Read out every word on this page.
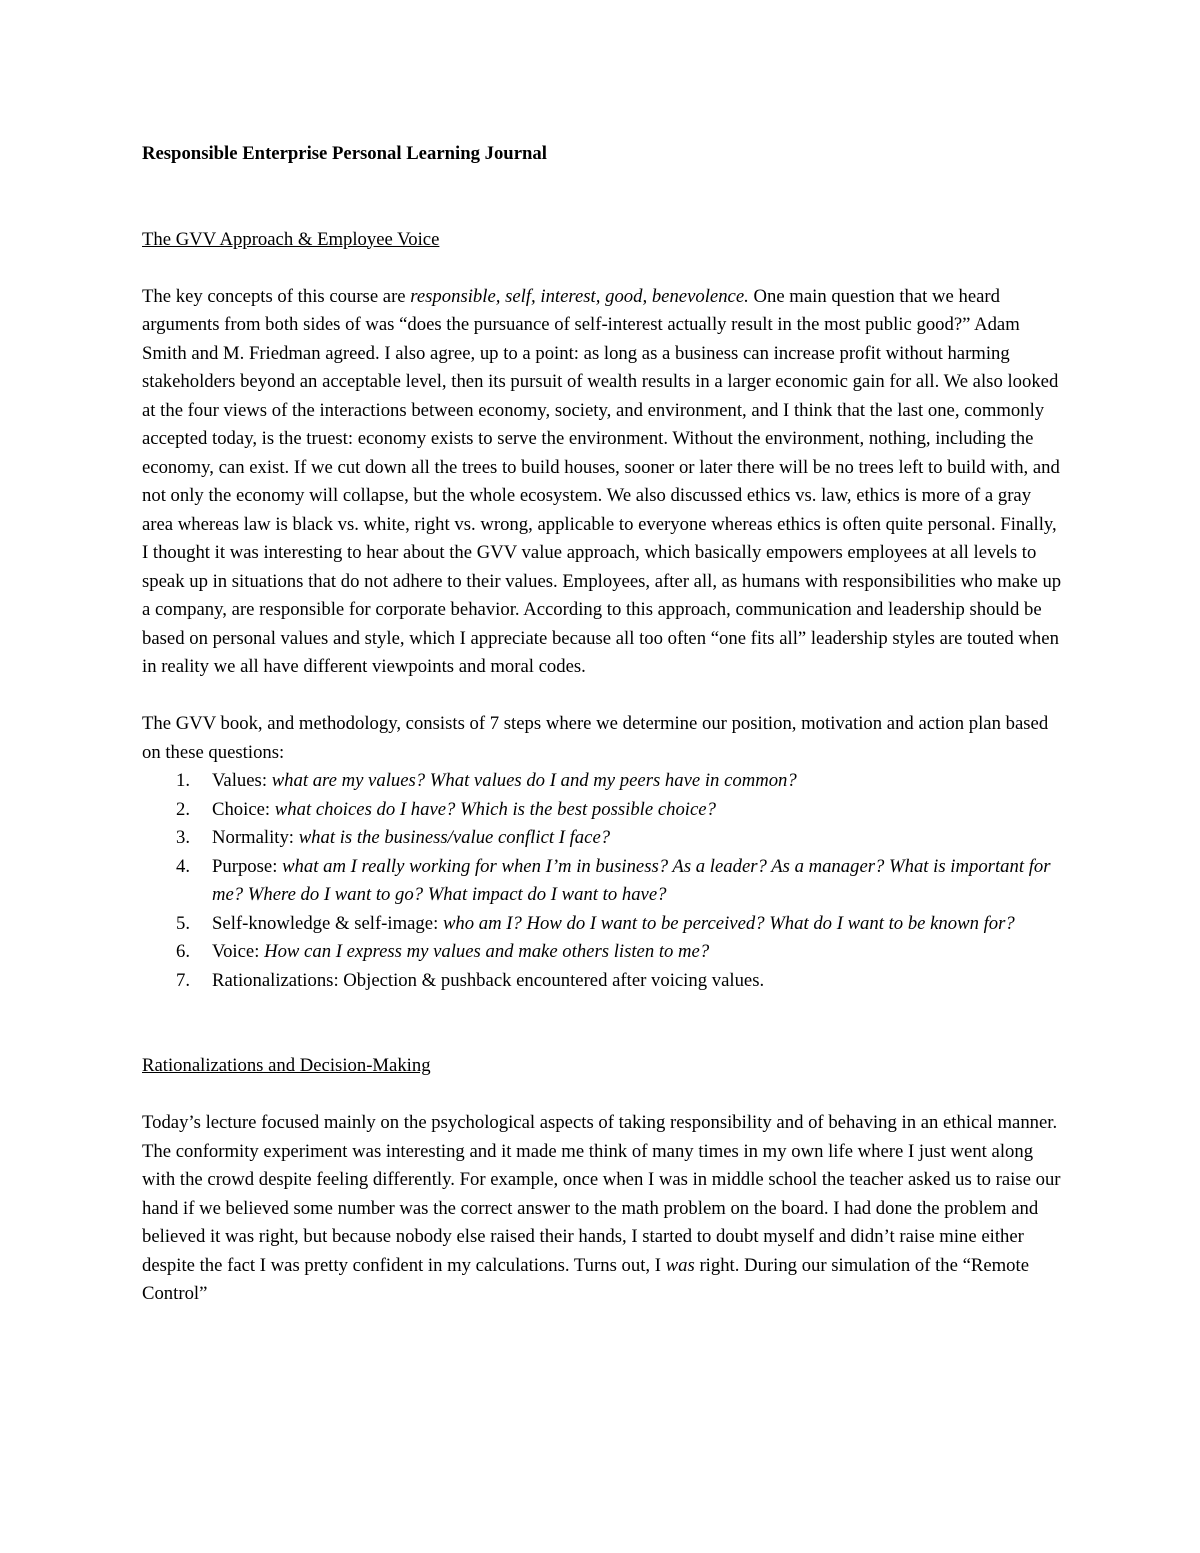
Responsible Enterprise Personal Learning Journal

The GVV Approach & Employee Voice

The key concepts of this course are responsible, self, interest, good, benevolence. One main question that we heard arguments from both sides of was “does the pursuance of self-interest actually result in the most public good?” Adam Smith and M. Friedman agreed. I also agree, up to a point: as long as a business can increase profit without harming stakeholders beyond an acceptable level, then its pursuit of wealth results in a larger economic gain for all. We also looked at the four views of the interactions between economy, society, and environment, and I think that the last one, commonly accepted today, is the truest: economy exists to serve the environment. Without the environment, nothing, including the economy, can exist. If we cut down all the trees to build houses, sooner or later there will be no trees left to build with, and not only the economy will collapse, but the whole ecosystem. We also discussed ethics vs. law, ethics is more of a gray area whereas law is black vs. white, right vs. wrong, applicable to everyone whereas ethics is often quite personal. Finally, I thought it was interesting to hear about the GVV value approach, which basically empowers employees at all levels to speak up in situations that do not adhere to their values. Employees, after all, as humans with responsibilities who make up a company, are responsible for corporate behavior. According to this approach, communication and leadership should be based on personal values and style, which I appreciate because all too often “one fits all” leadership styles are touted when in reality we all have different viewpoints and moral codes.

The GVV book, and methodology, consists of 7 steps where we determine our position, motivation and action plan based on these questions:

1. Values: what are my values? What values do I and my peers have in common?
2. Choice: what choices do I have? Which is the best possible choice?
3. Normality: what is the business/value conflict I face?
4. Purpose: what am I really working for when I’m in business? As a leader? As a manager? What is important for me? Where do I want to go? What impact do I want to have?
5. Self-knowledge & self-image: who am I? How do I want to be perceived? What do I want to be known for?
6. Voice: How can I express my values and make others listen to me?
7. Rationalizations: Objection & pushback encountered after voicing values.

Rationalizations and Decision-Making

Today’s lecture focused mainly on the psychological aspects of taking responsibility and of behaving in an ethical manner. The conformity experiment was interesting and it made me think of many times in my own life where I just went along with the crowd despite feeling differently. For example, once when I was in middle school the teacher asked us to raise our hand if we believed some number was the correct answer to the math problem on the board. I had done the problem and believed it was right, but because nobody else raised their hands, I started to doubt myself and didn’t raise mine either despite the fact I was pretty confident in my calculations. Turns out, I was right. During our simulation of the “Remote Control”
